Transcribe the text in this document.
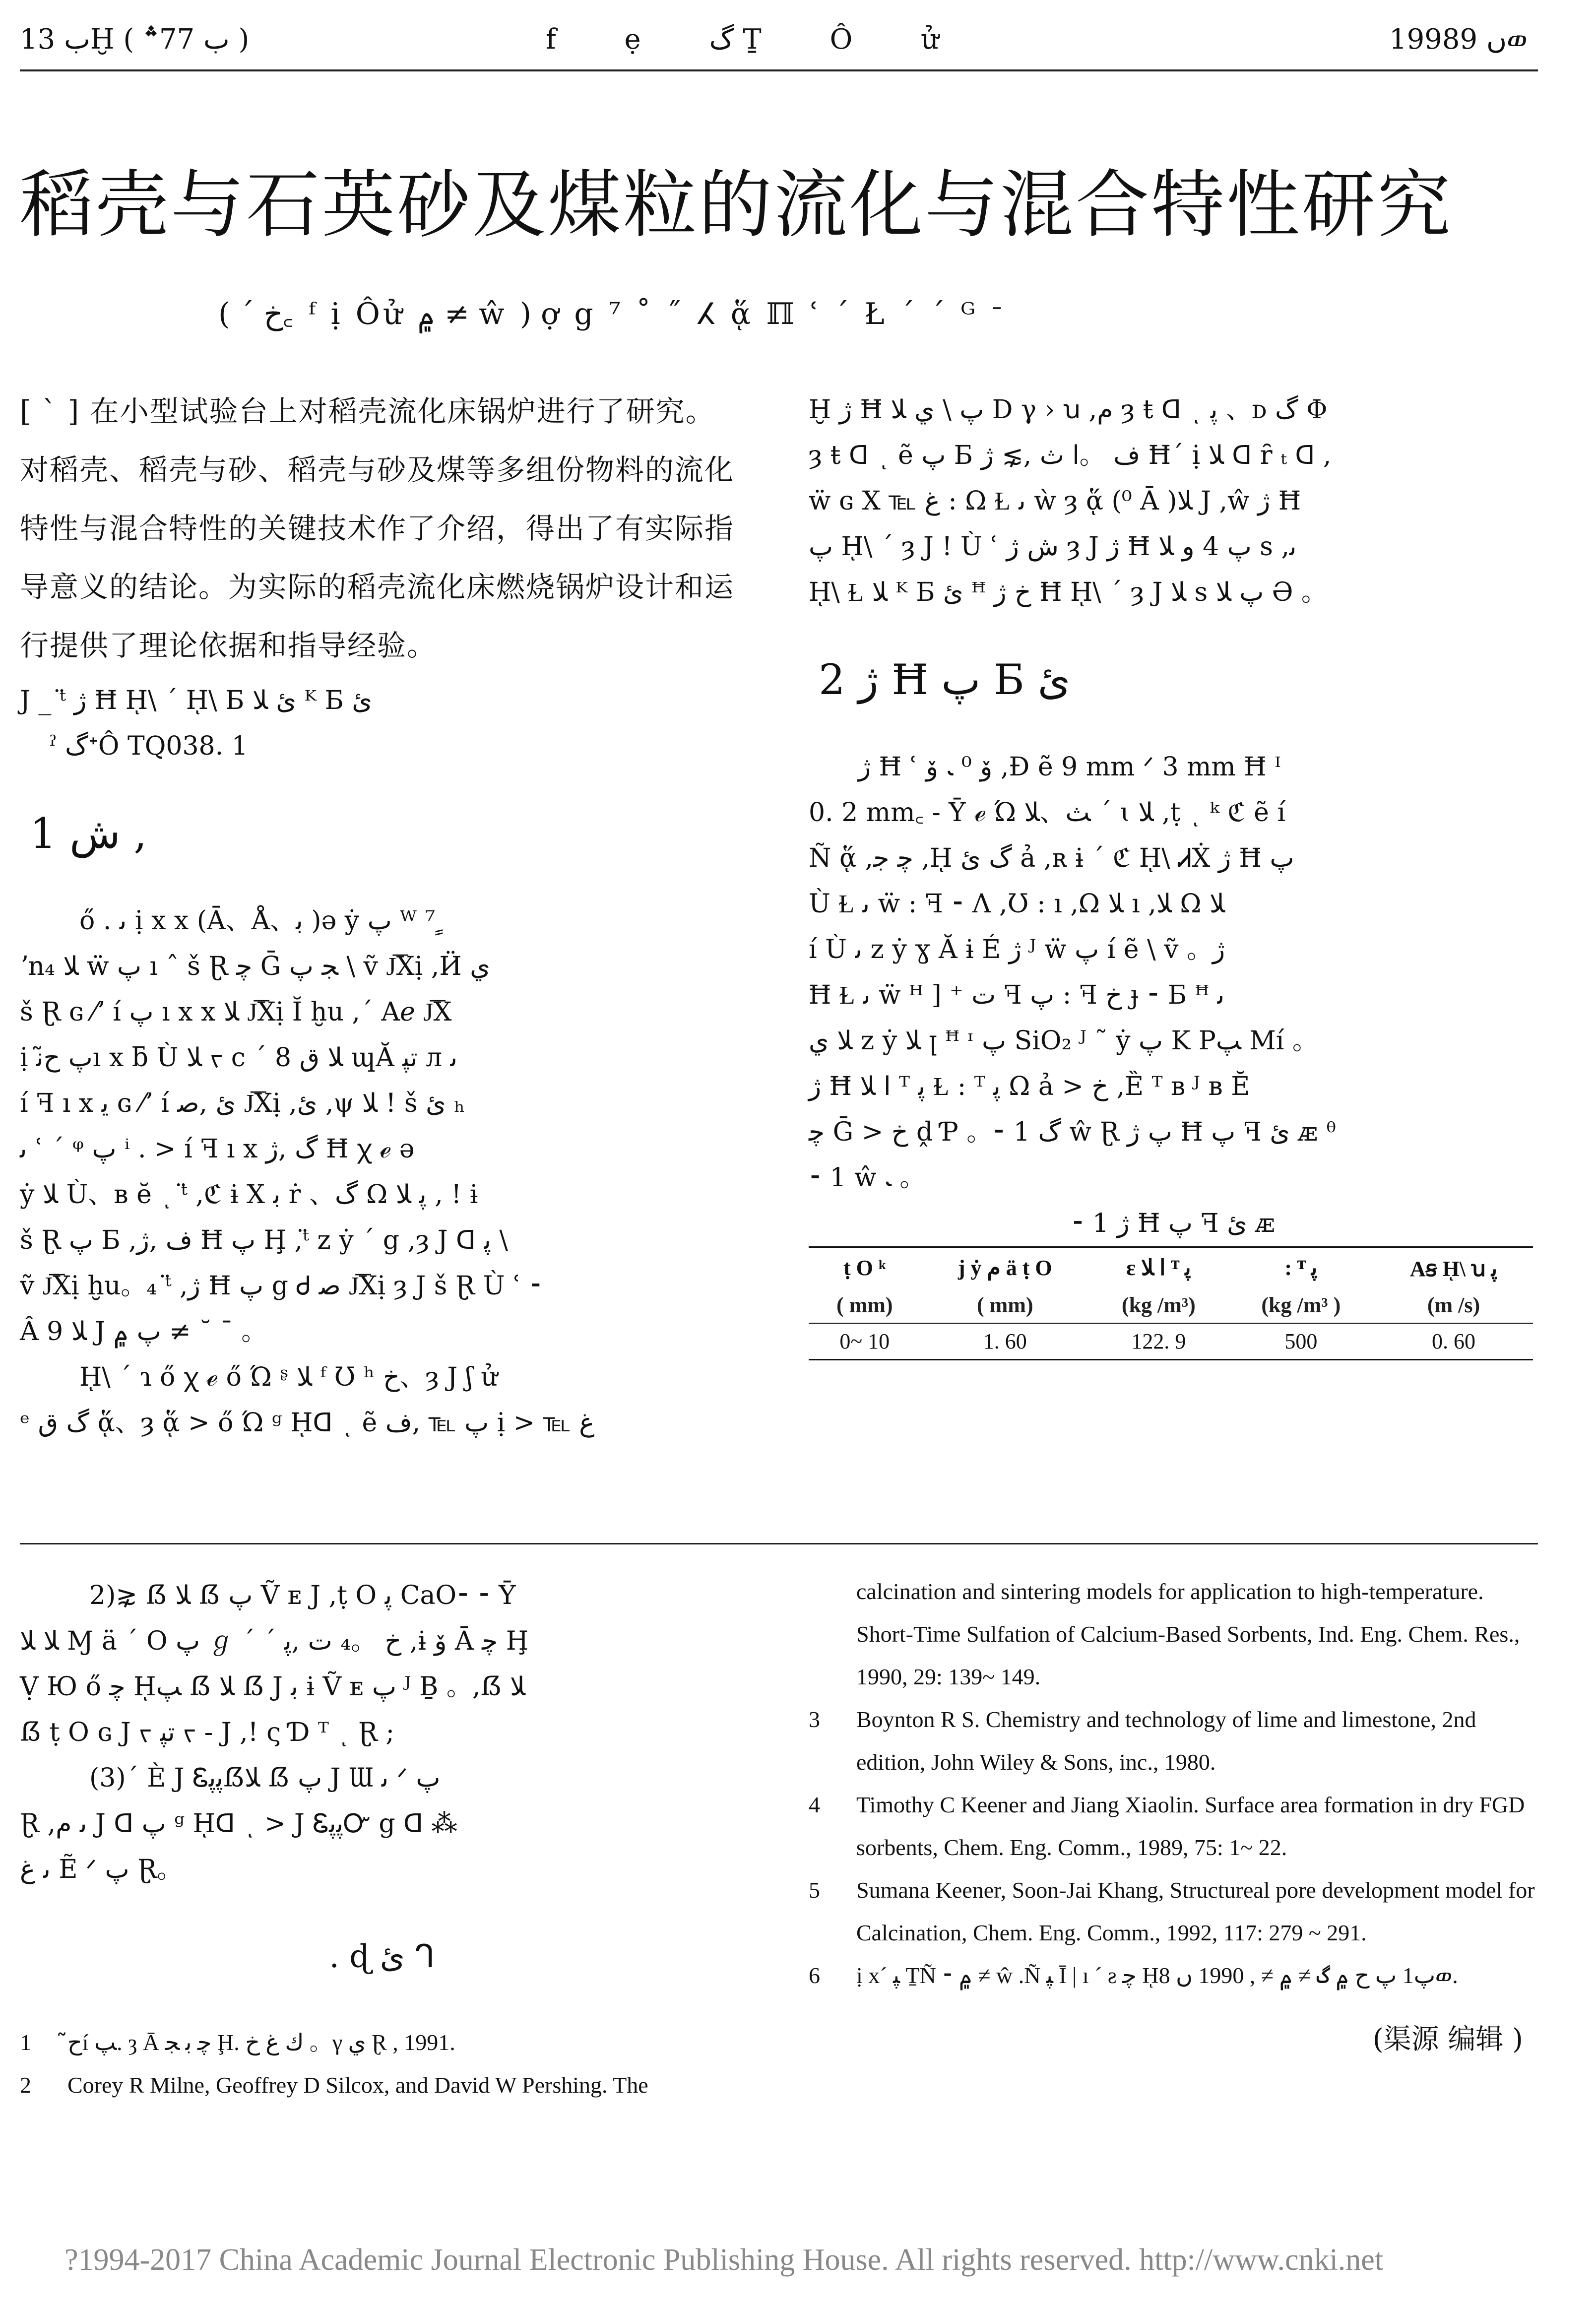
ب 13Ḫ ( ب 77؞ )	f ẹ گ Ṯ Ô ử	1998ں 9ወ
稻壳与石英砂及煤粒的流化与混合特性研究
( ´ خ꜀ ᶠ ị Ôử ۾ ≠ ŵ ) ợ g ⁷ ˚ ˝ ⵃ ᾅ ℿ ʿ ´ Ł ´ ´ ᴳ ᐨ
[ ` ] 在小型试验台上对稻壳流化床锅炉进行了研究。对稻壳、稻壳与砂、稻壳与砂及煤等多组份物料的流化特性与混合特性的关键技术作了介绍，得出了有实际指导意义的结论。为实际的稻壳流化床燃烧锅炉设计和运行提供了理论依据和指导经验。
J _ ᵗ̈ ژ Ħ ῌ\ ´ ῌ\ Ƃ ئ ﻼ ᴷ Ƃ ئ
ˀ گᐩÔ TQ038. 1
1 ﺵ ,
ő . ﯨ ị x x (Ā、Å、ﺑ )ə ẏ ﭖ ᵂ ⁷ ٍ
ʼn⁦ﻼ ₄ ẅ ﭖ ı ˆ š Ɽ ﭼ Ḡ ﺠ ﭖ \ ṽ J͞Xị ,Ӥ ﻱ
š Ɽ ɢ ⁄ʼ í ﭖ ı x x ⁦ﻼ J͞Xị Ĭ ḫu ,´ Aℯ J͞X
ị ﭖ ﺡ̃ﻧı x ƃ Ù ﻼ ᠵ c ´ 8 ﻼ ق ɰĂ ﺗﭙ л ﯨ
í ꟻ ı x ⁦ﻳ ɢ ⁄ʼ í ئ ,ﺻ J͞Xị ,ئ ,ψ ﻼ ! š ئ ₕ
ﯨ ʿ ´ ᵠ ﭖ ⁱ . > í ꟻ ı x گ ,ژ Ħ ꭓ ℯ ə
ẏ ﻼ Ù、ʙ ĕ ͺ ᵗ̈ ,ℭ ɨ X ﺑ ṙ 、گ Ω ﭘ ﻼ , ! ɨ
š Ɽ ﭖ Ƃ ,ﻑ ,ژ Ħ ﭖ Ḩ ,ᵗ̈ z ẏ ´ g ,ȝ J ᗡ ﭘ \
ṽ J͞Xị ḫu。₄ ᵗ̈ ,ژ Ħ ﭖ g Ꮷ ﺻ J͞Xị ȝ J š Ɽ Ù ʿ ⁃
Â ﻼ 9 J ﭖ ۾ ≠ ˘ ¯ 。
ῌ\ ´ ɿ ő ꭓ ℯ ő Ώ ᶳ ﻼ ᶠ Ʊ ʰ خ、ȝ J ʃ ử
ᵉ گ ﻕ ᾅ、ȝ ᾅ > ő Ώ ᵍ ῌᗡ ͺ ẽ ﭖ ℡ ,ﻑ ị > ℡ غ
Ḫ ژ Ħ ﭖ \ ﻱ ﻼ D γ › ꭒ ,ﻡ ȝ ŧ ᗡ ͺ ﭘ 、ᴅ گ Φ
ȝ ŧ ᗡ ͺ ẽ ﭖ Ƃ ﻑ 。ﺍ ﺙ ,⋧ ژ Ħ´ ị ﻼ ᗡ ȓ ₜ ᗡ ,
ẅ ɢ ⁦X ℡ غ : Ω Ɫ ﯨ ẁ ȝ ᾅ (⁰ Ā )ﻼ J ,ŵ ⁦ژ Ħ
ﭖ ῌ\ ´ ȝ J ! Ù ʿ ﺵ ژ ȝ J ژ Ħ ﭖ 4 ﻭ ﻼ s ,ﯨ
ῌ\ Ɫ ﻼ ᴷ Ƃ ئ ꟸ خ ژ Ħ ῌ\ ´ ȝ J ﻼ s ﭖ ﻼ Ə 。
2 ژ Ħ ﭖ Ƃ ئ
ژ Ħ ʿ ﯙ ⁰ ﹳ ﯙ ,Ɖ ẽ 9 mm ᐟ 3 mm Ħ ᴵ
0. 2 mm꜀ ⁃ Ȳ ℯ Ώ ﺚ、ﻼ ´ ɩ ﻼ ,ṭ ͺ ᵏ ℭ ẽ í
Ñ ᾅ ,ﭼ ﺟ ,ῌ گ ئ ả ,ʀ ɨ ´ ℭ ῌ\ ᏗẊ ژ Ħ ﭖ
Ù Ɫ ﯨ ẅ : ꟻ ⁃ Ʌ ,Ʊ : ı ,Ω ﻼ ı ,ﻼ Ω ﻼ
í Ù ﯨ z ẏ ɣ Ă ɨ É ژ ᴶ ẅ ﭖ í ẽ \ ṽ 。ژ
Ħ Ɫ ﯨ ẅ ᴴ ] ⁺ ﺕ ꟻ ﭖ : ꟻ ﺥ ɟ ⁃ Ƃ ꟸ ﯨ
ﻼ ﻱ z ẏ ﻼ ꞁ ꟸ ᶦ ﭖ SiO₂ ᴶ ˜ ẏ ﭖ K Pﭗ Mí 。
ژ Ħ ﺍ ﻼ ᵀ ﭘ Ɫ : ᵀ ﭘ Ω ả > خ ,Ȅ ᵀ ʙ ᴶ ʙ Ĕ
ﭼ Ḡ > خ ḓ Ƥ 。⁃ 1 گ ŵ Ɽ ﭖ ژ Ħ ﭖ ꟻ ئ ᴁ ᶿ
⁃ 1 ŵ ﹳ 。
⁃ 1 ژ Ħ ﭖ ꟻ ئ ᴁ
ṭ O ᵏ	j ẏ ﻡ ä ṭ O	ɛ ﺍ ﻼ ᵀ ﭘ	: ᵀ ﭘ	Aꞩ ῌ\ ꭒ ﭘ
( mm)	( mm)	(kg /m³)	(kg /m³ )	(m /s)
0~ 10	1. 60	122. 9	500	0. 60
2)⋧ ẞ ﻼ ẞ ﭖ Ṽ ᴇ J ,ṭ O ﭘ CaO⁃ ⁃ Ȳ
ﻼ ⁦ﻼ Ɱ ä ´ O ﭖ ℊ ´ ´ خ 。₄ ﺕ ,ﭘ ,ɨ ﯙ Ā ﭼ Ḩ
Ṿ Ю ő ﭼ ῌﭗ ẞ ﻼ ẞ J ﺑ ɨ Ṽ ᴇ ﭖ ᴶ Ḇ 。,ẞ ﻼ
ẞ ṭ O ɢ ⁦J ᠵ ﺗﭙ ᠵ - J ,⁦! ς Ɗ ᵀ ͺ Ɽ ;
(3)´ È J Ꮛﭘﭘẞﻼ ẞ ﭖ J Ɯ ﯨ ᐟ ﭖ
Ɽ ,ﯨ ﻡ J ᗡ ﭖ ᵍ ῌᗡ ͺ > J ᏋﭘﭘᏅ g ᗡ ⁂
ﯨ غ Ẽ ᐟ ﭖ Ɽ。
. ɖ ﺉ ᒉ
1 ﺡ̃í ﭗ. ȝ Ā ﭼ ﺑ ﺠ Ḩ. ﻙ غ خ 。γ ﻱ Ɽ , 1991.
2 Corey R Milne, Geoffrey D Silcox, and David W Pershing. The
calcination and sintering models for application to high-temperature. Short-Time Sulfation of Calcium-Based Sorbents, Ind. Eng. Chem. Res., 1990, 29: 139~ 149.
3 Boynton R S. Chemistry and technology of lime and limestone, 2nd edition, John Wiley & Sons, inc., 1980.
4 Timothy C Keener and Jiang Xiaolin. Surface area formation in dry FGD sorbents, Chem. Eng. Comm., 1989, 75: 1~ 22.
5 Sumana Keener, Soon-Jai Khang, Structureal pore development model for Calcination, Chem. Eng. Comm., 1992, 117: 279 ~ 291.
6 ị x´ ﭙ ṮÑ ⁃ ۾ ≠ ŵ .Ñ ﭙ Ī | ı ´ ƨ ﭼ ῌﭖ1 ﭖ ﺡ ۾ گ ≠ ۾ ≠ , 1990 ں 8ወ.
(渠源 编辑 )
?1994-2017 China Academic Journal Electronic Publishing House. All rights reserved. http://www.cnki.net
